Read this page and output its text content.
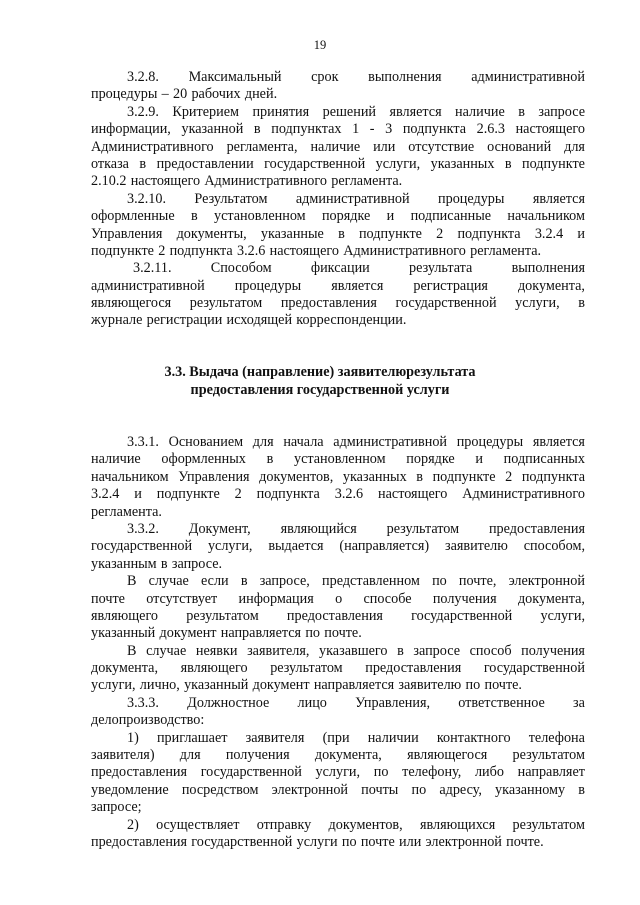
19
3.2.8. Максимальный срок выполнения административной
процедуры – 20 рабочих дней.
3.2.9. Критерием принятия решений является наличие в запросе
информации, указанной в подпунктах 1 - 3 подпункта 2.6.3 настоящего
Административного регламента, наличие или отсутствие оснований для
отказа в предоставлении государственной услуги, указанных в подпункте
2.10.2 настоящего Административного регламента.
3.2.10. Результатом административной процедуры является
оформленные в установленном порядке и подписанные начальником
Управления документы, указанные в подпункте 2 подпункта 3.2.4 и
подпункте 2 подпункта 3.2.6 настоящего Административного регламента.
3.2.11.	Способом	фиксации	результата	выполнения
административной процедуры является регистрация документа,
являющегося результатом предоставления государственной услуги, в
журнале регистрации исходящей корреспонденции.
3.3. Выдача (направление) заявителюрезультата
предоставления государственной услуги
3.3.1. Основанием для начала административной процедуры является
наличие оформленных в установленном порядке и подписанных
начальником Управления документов, указанных в подпункте 2 подпункта
3.2.4 и подпункте 2 подпункта 3.2.6 настоящего Административного
регламента.
3.3.2. Документ, являющийся результатом предоставления
государственной услуги, выдается (направляется) заявителю способом,
указанным в запросе.
В случае если в запросе, представленном по почте, электронной
почте отсутствует информация о способе получения документа,
являющего результатом предоставления государственной услуги,
указанный документ направляется по почте.
В случае неявки заявителя, указавшего в запросе способ получения
документа, являющего результатом предоставления государственной
услуги, лично, указанный документ направляется заявителю по почте.
3.3.3. Должностное лицо Управления, ответственное за
делопроизводство:
1) приглашает заявителя (при наличии контактного телефона
заявителя) для получения документа, являющегося результатом
предоставления государственной услуги, по телефону, либо направляет
уведомление посредством электронной почты по адресу, указанному в
запросе;
2) осуществляет отправку документов, являющихся результатом
предоставления государственной услуги по почте или электронной почте.
